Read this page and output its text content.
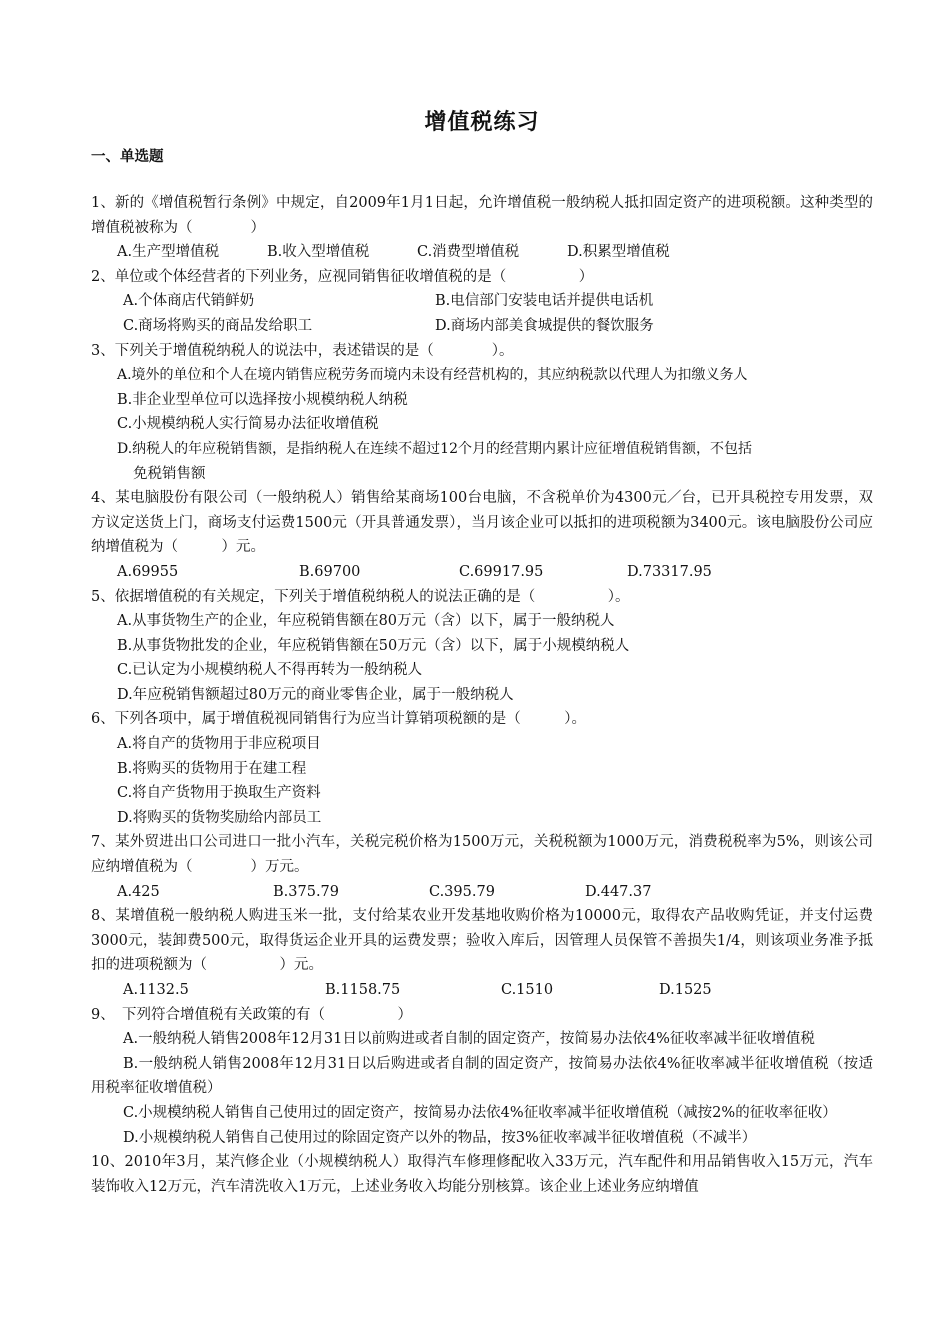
增值税练习
一、单选题
1、新的《增值税暂行条例》中规定，自2009年1月1日起，允许增值税一般纳税人抵扣固定资产的进项税额。这种类型的增值税被称为（　　　　）
A.生产型增值税	B.收入型增值税	C.消费型增值税	D.积累型增值税
2、单位或个体经营者的下列业务，应视同销售征收增值税的是（　　　　　）
A.个体商店代销鲜奶	B.电信部门安装电话并提供电话机
C.商场将购买的商品发给职工	D.商场内部美食城提供的餐饮服务
3、下列关于增值税纳税人的说法中，表述错误的是（　　　　）。
A.境外的单位和个人在境内销售应税劳务而境内未设有经营机构的，其应纳税款以代理人为扣缴义务人
B.非企业型单位可以选择按小规模纳税人纳税
C.小规模纳税人实行简易办法征收增值税
D.纳税人的年应税销售额，是指纳税人在连续不超过12个月的经营期内累计应征增值税销售额，不包括
免税销售额
4、某电脑股份有限公司（一般纳税人）销售给某商场100台电脑，不含税单价为4300元／台，已开具税控专用发票，双方议定送货上门，商场支付运费1500元（开具普通发票），当月该企业可以抵扣的进项税额为3400元。该电脑股份公司应纳增值税为（　　　）元。
A.69955	B.69700	C.69917.95	D.73317.95
5、依据增值税的有关规定，下列关于增值税纳税人的说法正确的是（　　　　　）。
A.从事货物生产的企业，年应税销售额在80万元（含）以下，属于一般纳税人
B.从事货物批发的企业，年应税销售额在50万元（含）以下，属于小规模纳税人
C.已认定为小规模纳税人不得再转为一般纳税人
D.年应税销售额超过80万元的商业零售企业，属于一般纳税人
6、下列各项中，属于增值税视同销售行为应当计算销项税额的是（　　　）。
A.将自产的货物用于非应税项目
B.将购买的货物用于在建工程
C.将自产货物用于换取生产资料
D.将购买的货物奖励给内部员工
7、某外贸进出口公司进口一批小汽车，关税完税价格为1500万元，关税税额为1000万元，消费税税率为5%，则该公司应纳增值税为（　　　　）万元。
A.425	B.375.79	C.395.79	D.447.37
8、某增值税一般纳税人购进玉米一批，支付给某农业开发基地收购价格为10000元，取得农产品收购凭证，并支付运费3000元，装卸费500元，取得货运企业开具的运费发票；验收入库后，因管理人员保管不善损失1/4，则该项业务准予抵扣的进项税额为（　　　　　）元。
A.1132.5	B.1158.75	C.1510	D.1525
9、　下列符合增值税有关政策的有（　　　　　）
A.一般纳税人销售2008年12月31日以前购进或者自制的固定资产，按简易办法依4%征收率减半征收增值税
B.一般纳税人销售2008年12月31日以后购进或者自制的固定资产，按简易办法依4%征收率减半征收增值税（按适用税率征收增值税）
C.小规模纳税人销售自己使用过的固定资产，按简易办法依4%征收率减半征收增值税（减按2%的征收率征收）
D.小规模纳税人销售自己使用过的除固定资产以外的物品，按3%征收率减半征收增值税（不减半）
10、2010年3月，某汽修企业（小规模纳税人）取得汽车修理修配收入33万元，汽车配件和用品销售收入15万元，汽车装饰收入12万元，汽车清洗收入1万元，上述业务收入均能分别核算。该企业上述业务应纳增值
